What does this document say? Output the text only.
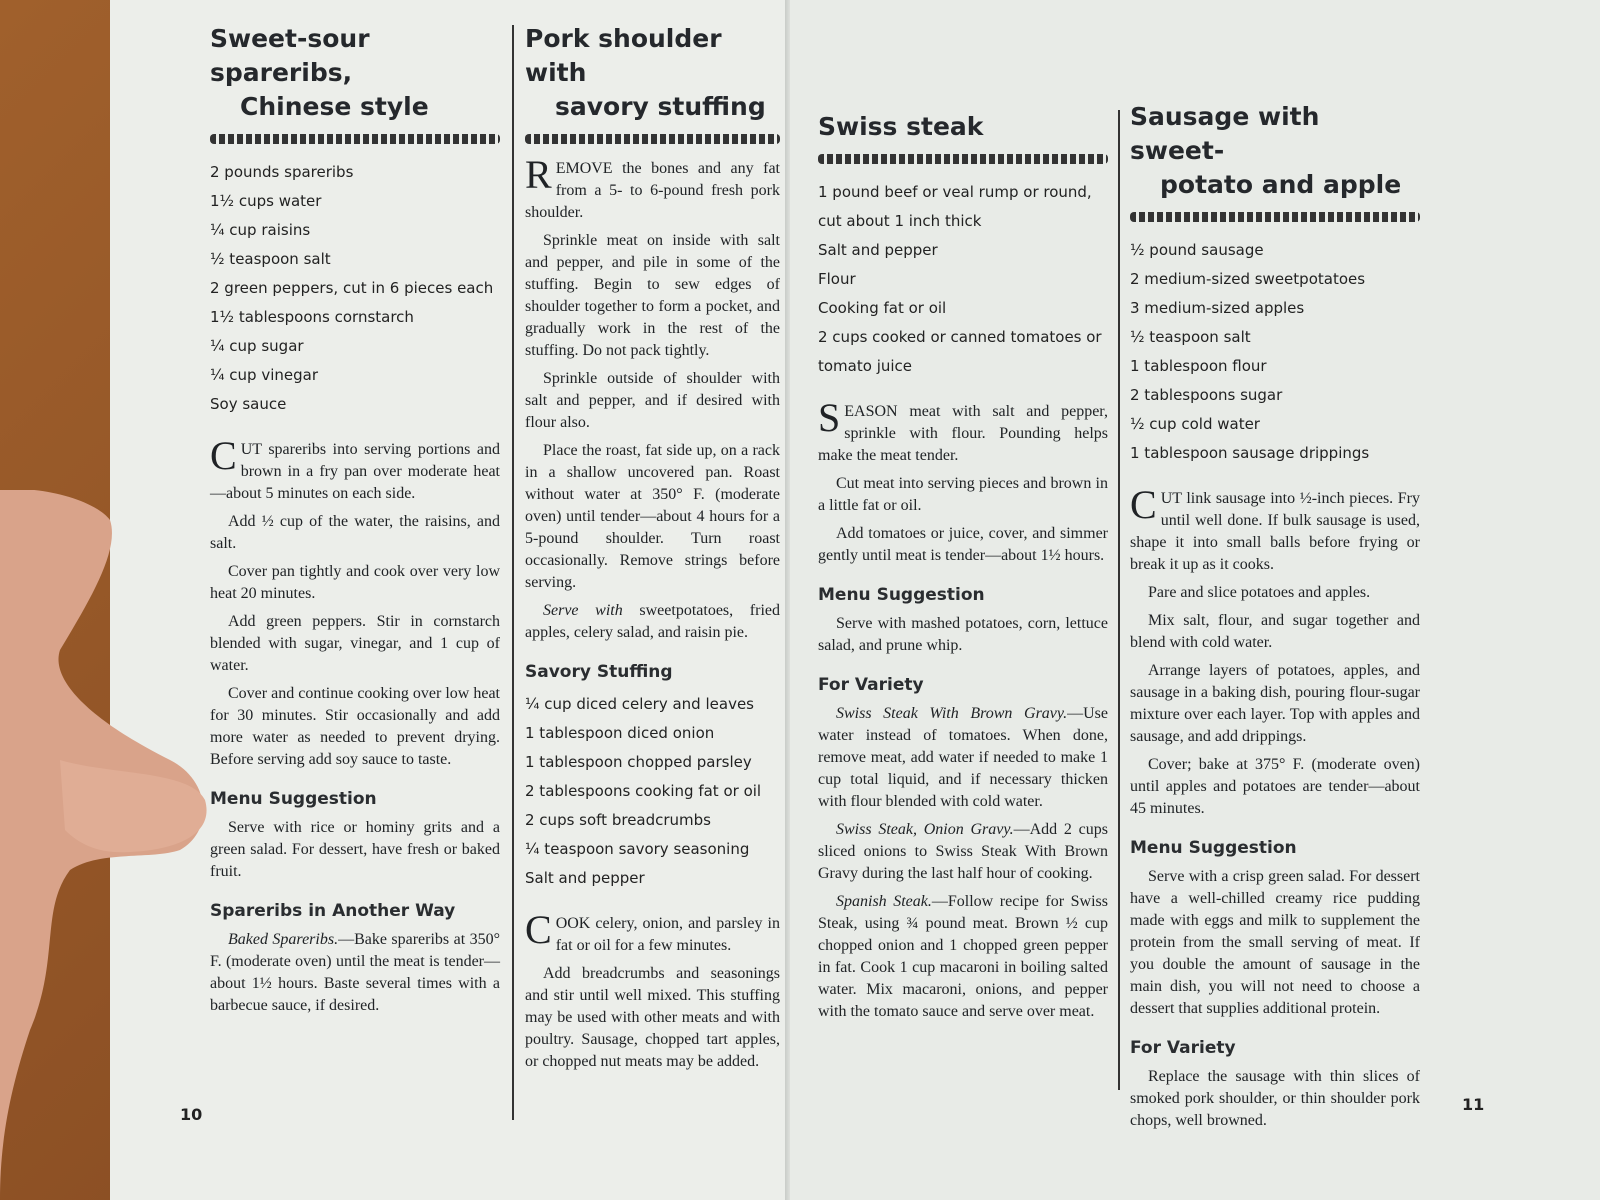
Sweet-sour spareribs,
Chinese style
2 pounds spareribs
1½ cups water
¼ cup raisins
½ teaspoon salt
2 green peppers, cut in 6 pieces each
1½ tablespoons cornstarch
¼ cup sugar
¼ cup vinegar
Soy sauce

CUT spareribs into serving portions and brown in a fry pan over moderate heat—about 5 minutes on each side.

Add ½ cup of the water, the raisins, and salt.

Cover pan tightly and cook over very low heat 20 minutes.

Add green peppers. Stir in cornstarch blended with sugar, vinegar, and 1 cup of water.

Cover and continue cooking over low heat for 30 minutes. Stir occasionally and add more water as needed to prevent drying. Before serving add soy sauce to taste.

Menu Suggestion

Serve with rice or hominy grits and a green salad. For dessert, have fresh or baked fruit.

Spareribs in Another Way

Baked Spareribs.—Bake spareribs at 350° F. (moderate oven) until the meat is tender—about 1½ hours. Baste several times with a barbecue sauce, if desired.

Pork shoulder with
savory stuffing

REMOVE the bones and any fat from a 5- to 6-pound fresh pork shoulder.

Sprinkle meat on inside with salt and pepper, and pile in some of the stuffing. Begin to sew edges of shoulder together to form a pocket, and gradually work in the rest of the stuffing. Do not pack tightly.

Sprinkle outside of shoulder with salt and pepper, and if desired with flour also.

Place the roast, fat side up, on a rack in a shallow uncovered pan. Roast without water at 350° F. (moderate oven) until tender—about 4 hours for a 5-pound shoulder. Turn roast occasionally. Remove strings before serving.

Serve with sweetpotatoes, fried apples, celery salad, and raisin pie.

Savory Stuffing
¼ cup diced celery and leaves
1 tablespoon diced onion
1 tablespoon chopped parsley
2 tablespoons cooking fat or oil
2 cups soft breadcrumbs
¼ teaspoon savory seasoning
Salt and pepper

COOK celery, onion, and parsley in fat or oil for a few minutes.

Add breadcrumbs and seasonings and stir until well mixed. This stuffing may be used with other meats and with poultry. Sausage, chopped tart apples, or chopped nut meats may be added.

10
Swiss steak
1 pound beef or veal rump or round, cut about 1 inch thick
Salt and pepper
Flour
Cooking fat or oil
2 cups cooked or canned tomatoes or tomato juice

SEASON meat with salt and pepper, sprinkle with flour. Pounding helps make the meat tender.

Cut meat into serving pieces and brown in a little fat or oil.

Add tomatoes or juice, cover, and simmer gently until meat is tender—about 1½ hours.

Menu Suggestion

Serve with mashed potatoes, corn, lettuce salad, and prune whip.

For Variety

Swiss Steak With Brown Gravy.—Use water instead of tomatoes. When done, remove meat, add water if needed to make 1 cup total liquid, and if necessary thicken with flour blended with cold water.

Swiss Steak, Onion Gravy.—Add 2 cups sliced onions to Swiss Steak With Brown Gravy during the last half hour of cooking.

Spanish Steak.—Follow recipe for Swiss Steak, using ¾ pound meat. Brown ½ cup chopped onion and 1 chopped green pepper in fat. Cook 1 cup macaroni in boiling salted water. Mix macaroni, onions, and pepper with the tomato sauce and serve over meat.

Sausage with sweet-
potato and apple
½ pound sausage
2 medium-sized sweetpotatoes
3 medium-sized apples
½ teaspoon salt
1 tablespoon flour
2 tablespoons sugar
½ cup cold water
1 tablespoon sausage drippings

CUT link sausage into ½-inch pieces. Fry until well done. If bulk sausage is used, shape it into small balls before frying or break it up as it cooks.

Pare and slice potatoes and apples.

Mix salt, flour, and sugar together and blend with cold water.

Arrange layers of potatoes, apples, and sausage in a baking dish, pouring flour-sugar mixture over each layer. Top with apples and sausage, and add drippings.

Cover; bake at 375° F. (moderate oven) until apples and potatoes are tender—about 45 minutes.

Menu Suggestion

Serve with a crisp green salad. For dessert have a well-chilled creamy rice pudding made with eggs and milk to supplement the protein from the small serving of meat. If you double the amount of sausage in the main dish, you will not need to choose a dessert that supplies additional protein.

For Variety

Replace the sausage with thin slices of smoked pork shoulder, or thin shoulder pork chops, well browned.

11
